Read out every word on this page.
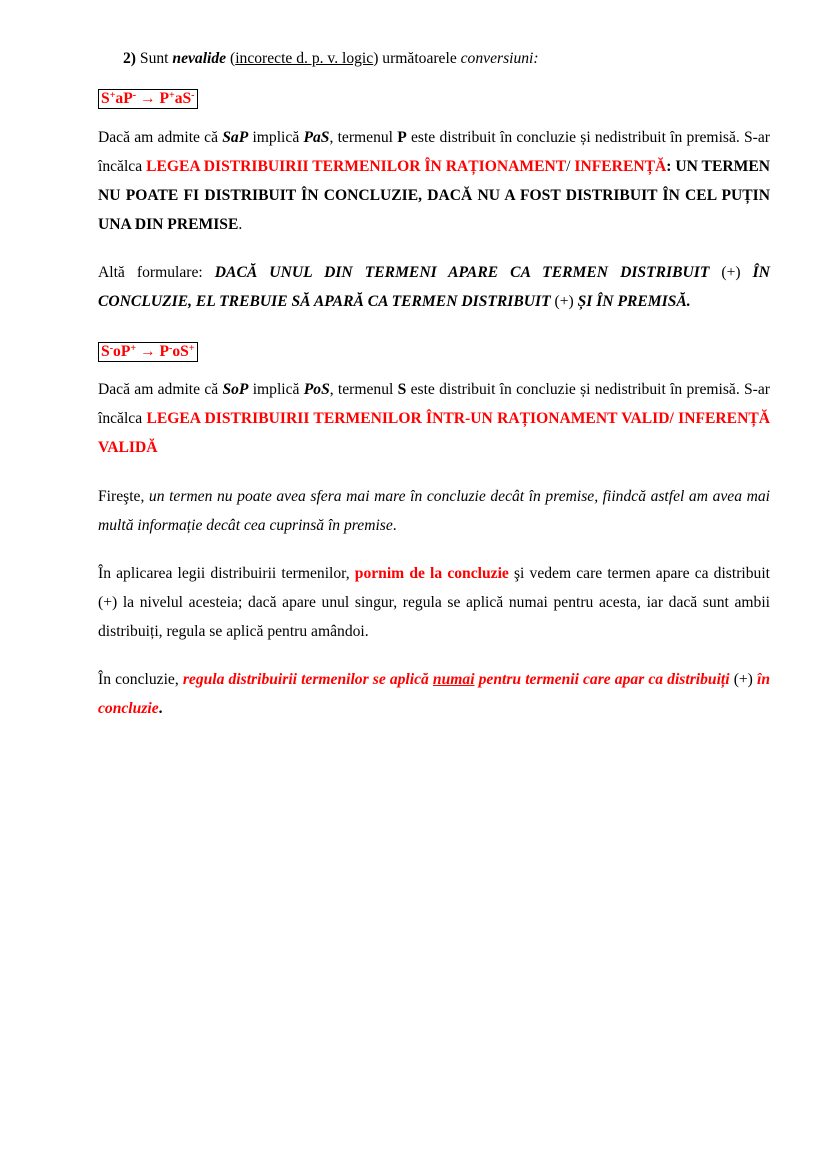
2) Sunt nevalide (incorecte d. p. v. logic) următoarele conversiuni:

S+aP- → P+aS-

Dacă am admite că SaP implică PaS, termenul P este distribuit în concluzie și nedistribuit în premisă. S-ar încălca LEGEA DISTRIBUIRII TERMENILOR ÎN RAȚIONAMENT/ INFERENȚĂ: UN TERMEN NU POATE FI DISTRIBUIT ÎN CONCLUZIE, DACĂ NU A FOST DISTRIBUIT ÎN CEL PUȚIN UNA DIN PREMISE.

Altă formulare: DACĂ UNUL DIN TERMENI APARE CA TERMEN DISTRIBUIT (+) ÎN CONCLUZIE, EL TREBUIE SĂ APARĂ CA TERMEN DISTRIBUIT (+) ȘI ÎN PREMISĂ.

S-oP+ → P-oS+

Dacă am admite că SoP implică PoS, termenul S este distribuit în concluzie și nedistribuit în premisă. S-ar încălca LEGEA DISTRIBUIRII TERMENILOR ÎNTR-UN RAȚIONAMENT VALID/ INFERENȚĂ VALIDĂ

Fireşte, un termen nu poate avea sfera mai mare în concluzie decât în premise, fiindcă astfel am avea mai multă informație decât cea cuprinsă în premise.

În aplicarea legii distribuirii termenilor, pornim de la concluzie şi vedem care termen apare ca distribuit (+) la nivelul acesteia; dacă apare unul singur, regula se aplică numai pentru acesta, iar dacă sunt ambii distribuiți, regula se aplică pentru amândoi.

În concluzie, regula distribuirii termenilor se aplică numai pentru termenii care apar ca distribuiți (+) în concluzie.
